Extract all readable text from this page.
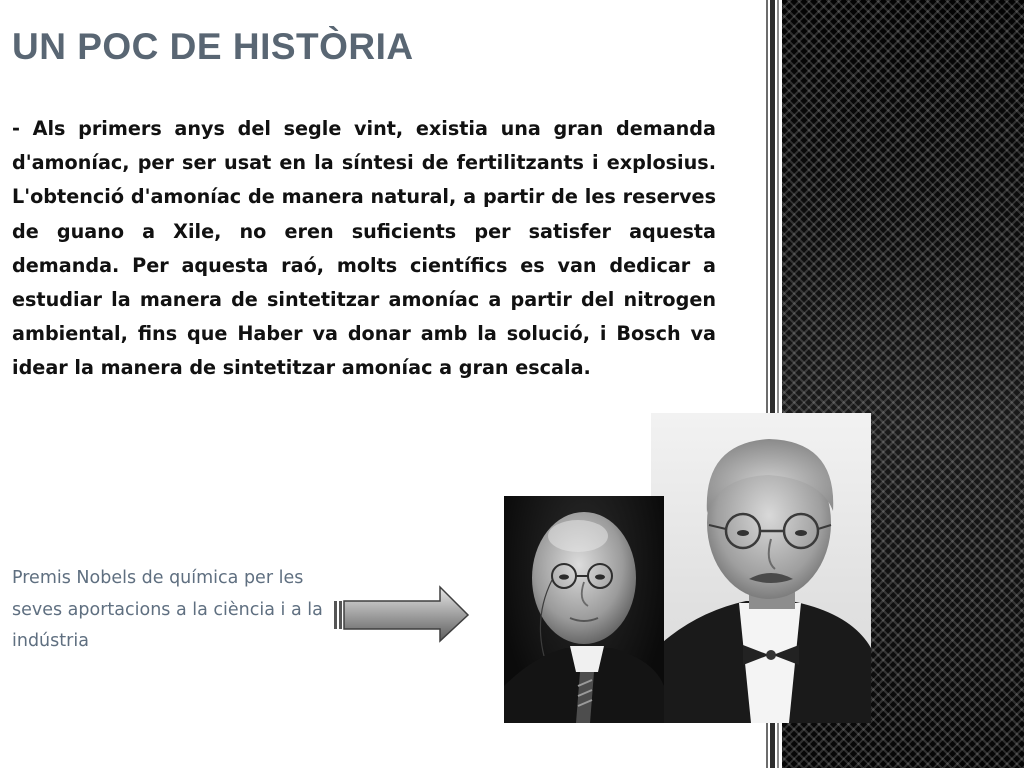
UN POC DE HISTÒRIA

- Als primers anys del segle vint, existia una gran demanda d'amoníac, per ser usat en la síntesi de fertilitzants i explosius. L'obtenció d'amoníac de manera natural, a partir de les reserves de guano a Xile, no eren suficients per satisfer aquesta demanda. Per aquesta raó, molts científics es van dedicar a estudiar la manera de sintetitzar amoníac a partir del nitrogen ambiental, fins que Haber va donar amb la solució, i Bosch va idear la manera de sintetitzar amoníac a gran escala.

Premis Nobels de química per les seves aportacions a la ciència i a la indústria
